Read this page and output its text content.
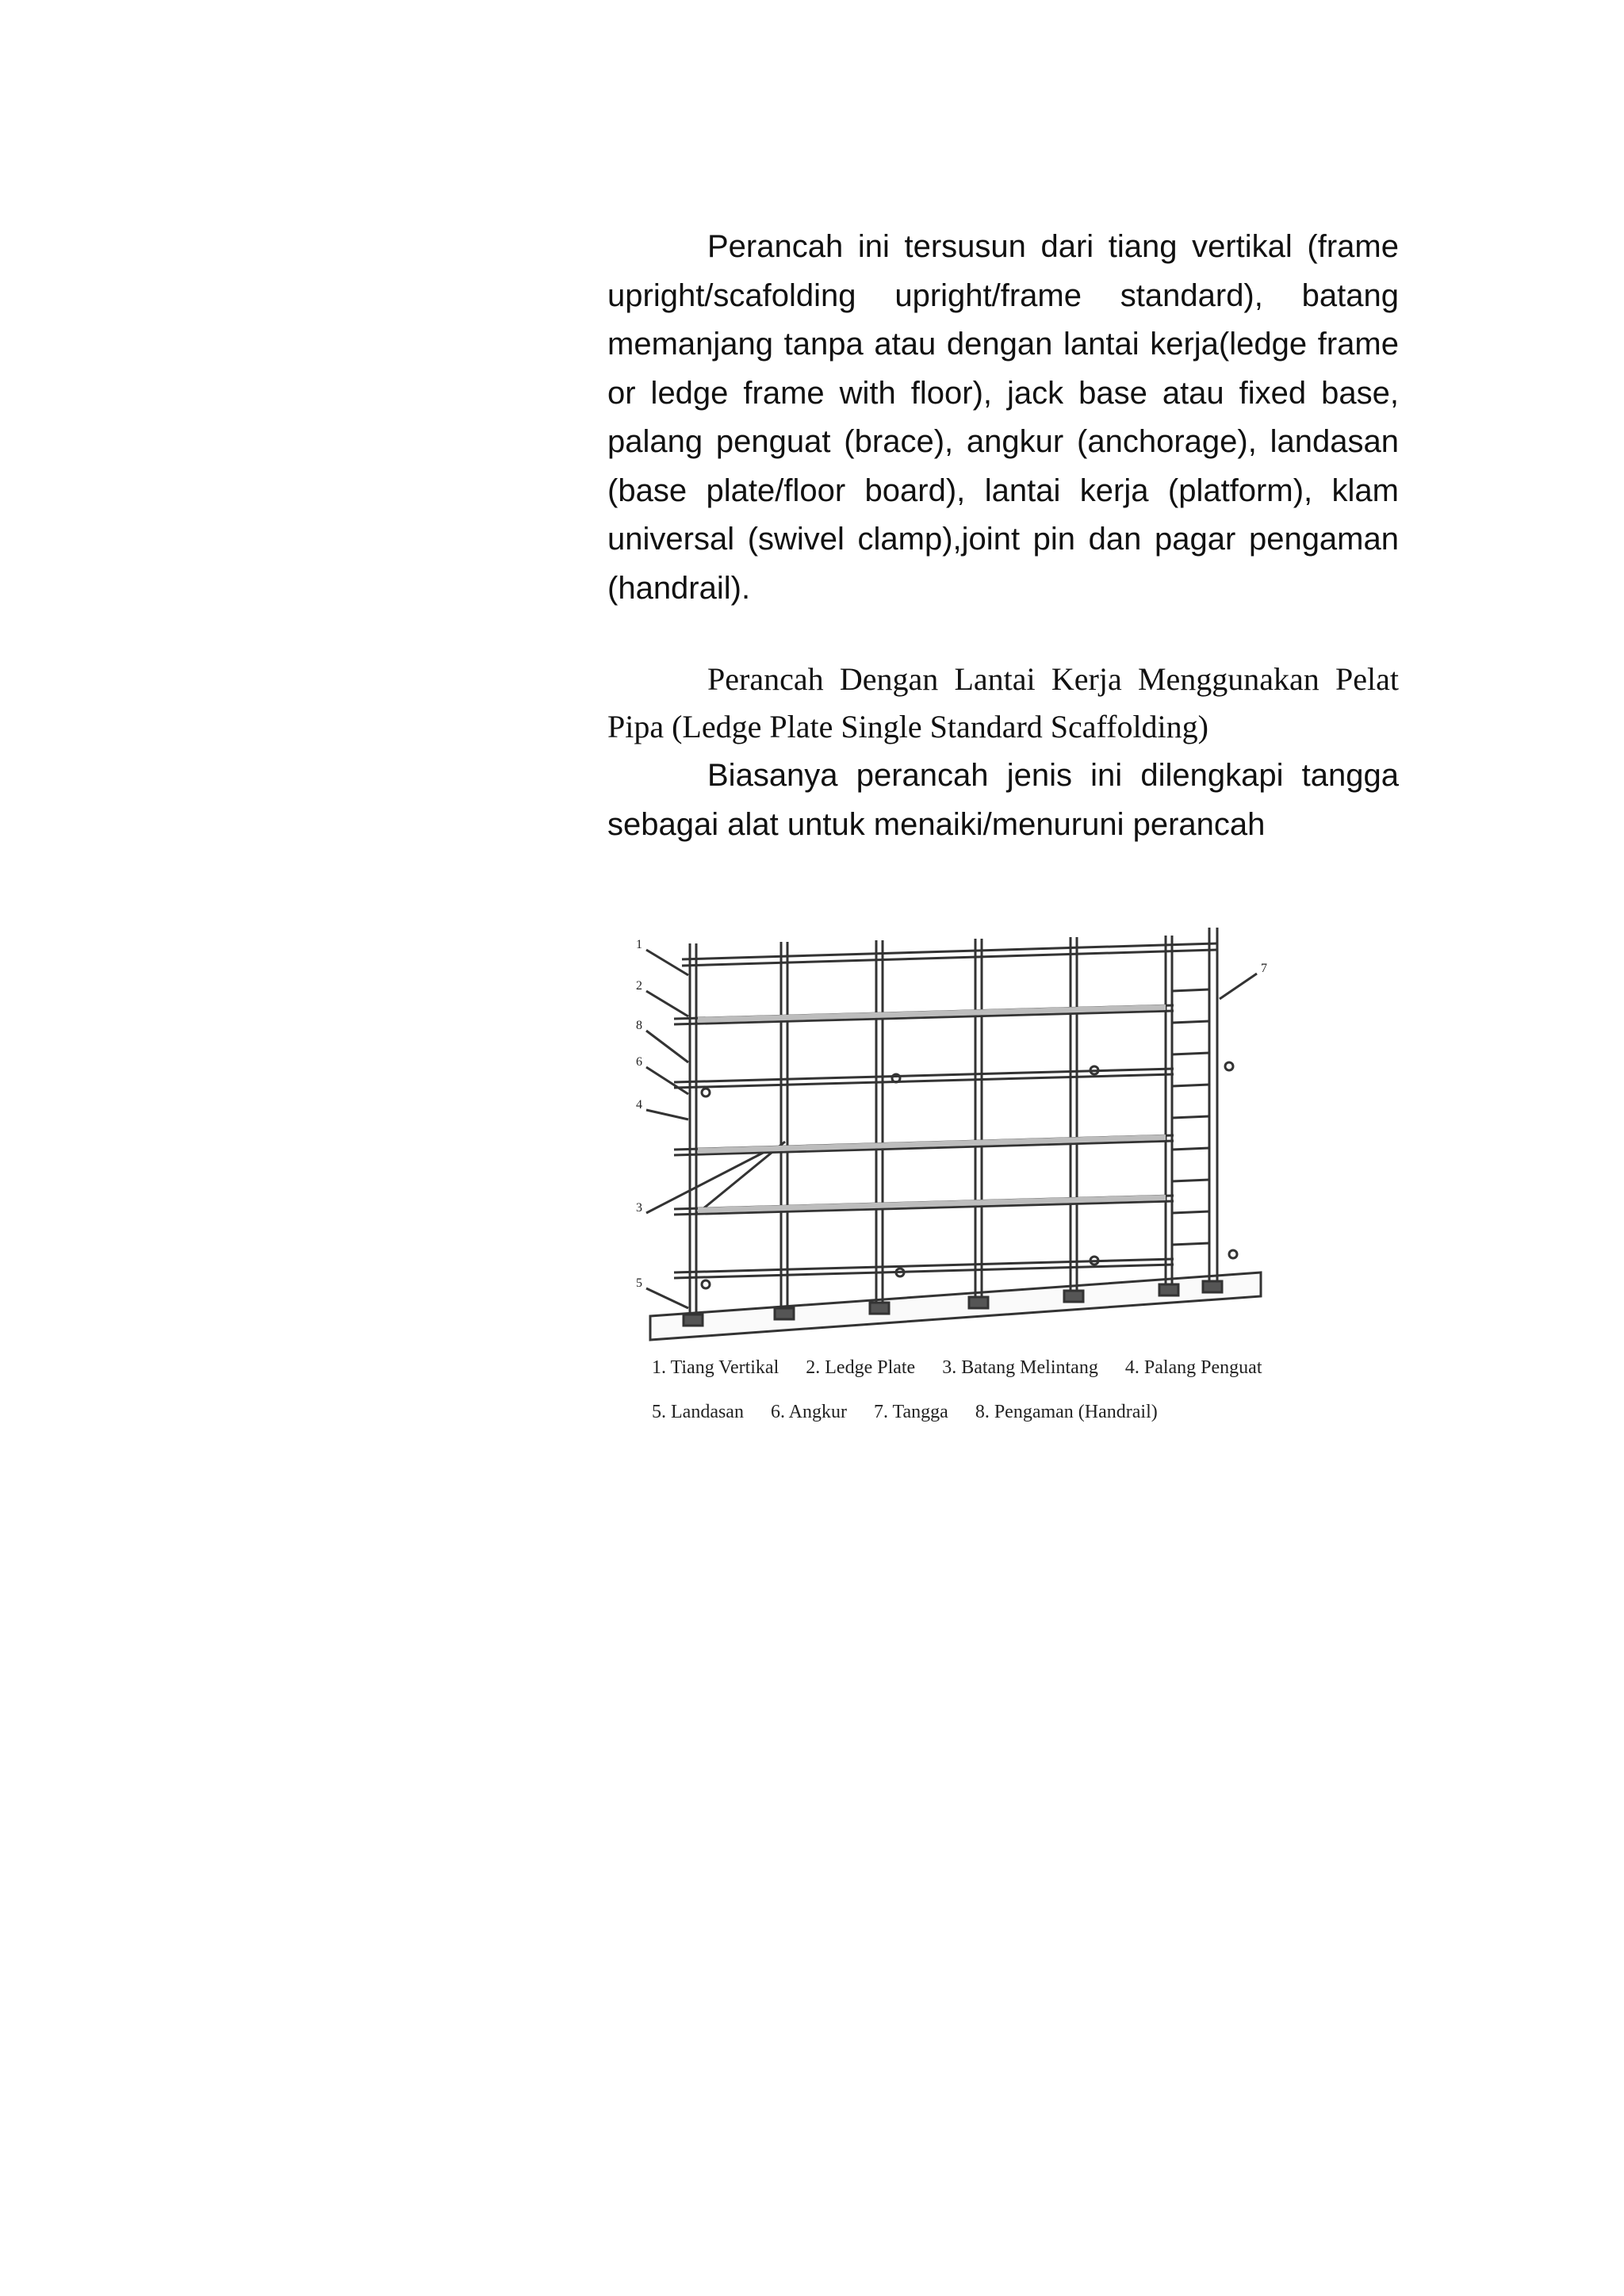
Perancah ini tersusun dari tiang vertikal (frame upright/scafolding upright/frame standard), batang memanjang tanpa atau dengan lantai kerja(ledge frame or ledge frame with floor), jack base atau fixed base, palang penguat (brace), angkur (anchorage), landasan (base plate/floor board), lantai kerja (platform), klam universal (swivel clamp),joint pin dan pagar pengaman (handrail).

Perancah Dengan Lantai Kerja Menggunakan Pelat Pipa (Ledge Plate Single Standard Scaffolding)

Biasanya perancah jenis ini dilengkapi tangga sebagai alat untuk menaiki/menuruni perancah

1
2
8
6
4
3
5
7
1. Tiang Vertikal 2. Ledge Plate 3. Batang Melintang 4. Palang Penguat
5. Landasan 6. Angkur 7. Tangga 8. Pengaman (Handrail)
